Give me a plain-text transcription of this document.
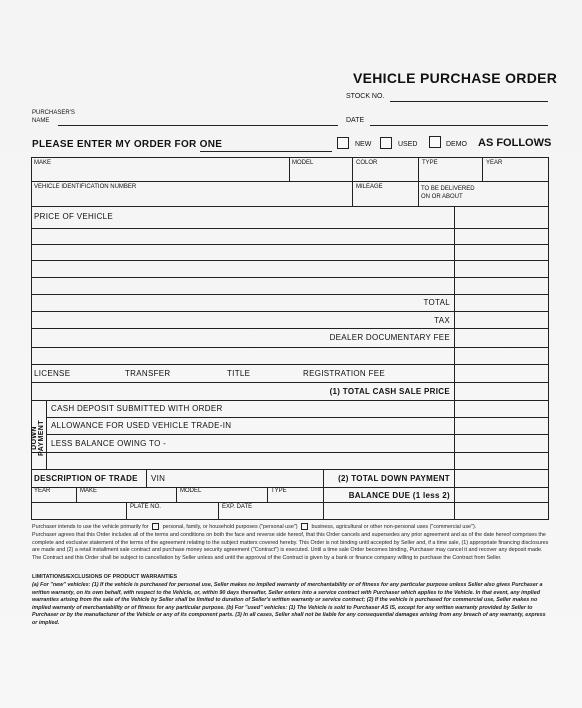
VEHICLE PURCHASE ORDER
STOCK NO.
PURCHASER'S
NAME	DATE
PLEASE ENTER MY ORDER FOR ONE	NEW	USED	DEMO AS FOLLOWS
MAKE	MODEL	COLOR	TYPE	YEAR
VEHICLE IDENTIFICATION NUMBER	MILEAGE	TO BE DELIVERED
ON OR ABOUT
PRICE OF VEHICLE
TOTAL
TAX
DEALER DOCUMENTARY FEE
LICENSE	TRANSFER	TITLE	REGISTRATION FEE
(1) TOTAL CASH SALE PRICE
DOWN PAYMENT
CASH DEPOSIT SUBMITTED WITH ORDER
ALLOWANCE FOR USED VEHICLE TRADE-IN
LESS BALANCE OWING TO -
DESCRIPTION OF TRADE VIN	(2) TOTAL DOWN PAYMENT
YEAR	MAKE	MODEL	TYPE
PLATE NO.	EXP. DATE
BALANCE DUE (1 less 2)
Purchaser intends to use the vehicle primarily for	personal, family, or household purposes ("personal use")	business, agricultural or other non-personal uses ("commercial use").
Purchaser agrees that this Order includes all of the terms and conditions on both the face and reverse side hereof, that this Order cancels and supersedes any prior agreement and as of the date hereof comprises the complete and exclusive statement of the terms of the agreement relating to the subject matters covered hereby. This Order is not binding until accepted by Seller and, if a time sale, (1) appropriate financing disclosures are made and (2) a retail installment sale contract and purchase money security agreement ("Contract") is executed. Until a time sale Order becomes binding, Purchaser may cancel it and recover any deposit made. The Contract and this Order shall be subject to cancellation by Seller unless and until the approval of the Contract is given by a bank or finance company willing to purchase the Contract from Seller.
LIMITATIONS/EXCLUSIONS OF PRODUCT WARRANTIES
(a) For "new" vehicles: (1) If the vehicle is purchased for personal use, Seller makes no implied warranty of merchantability or of fitness for any particular purpose unless Seller also gives Purchaser a written warranty, on its own behalf, with respect to the Vehicle, or, within 90 days thereafter, Seller enters into a service contract with Purchaser which applies to the Vehicle. In that event, any implied warranties arising from the sale of the Vehicle by Seller shall be limited to duration of Seller's written warranty or service contract; (2) If the vehicle is purchased for commercial use, Seller makes no implied warranty of merchantability or of fitness for any particular purpose. (b) For "used" vehicles: (1) The Vehicle is sold to Purchaser AS IS, except for any written warranty provided by Seller to Purchaser or by the manufacturer of the Vehicle or any of its component parts. (3) In all cases, Seller shall not be liable for any consequential damages arising from any breach of any warranty, express or implied.
